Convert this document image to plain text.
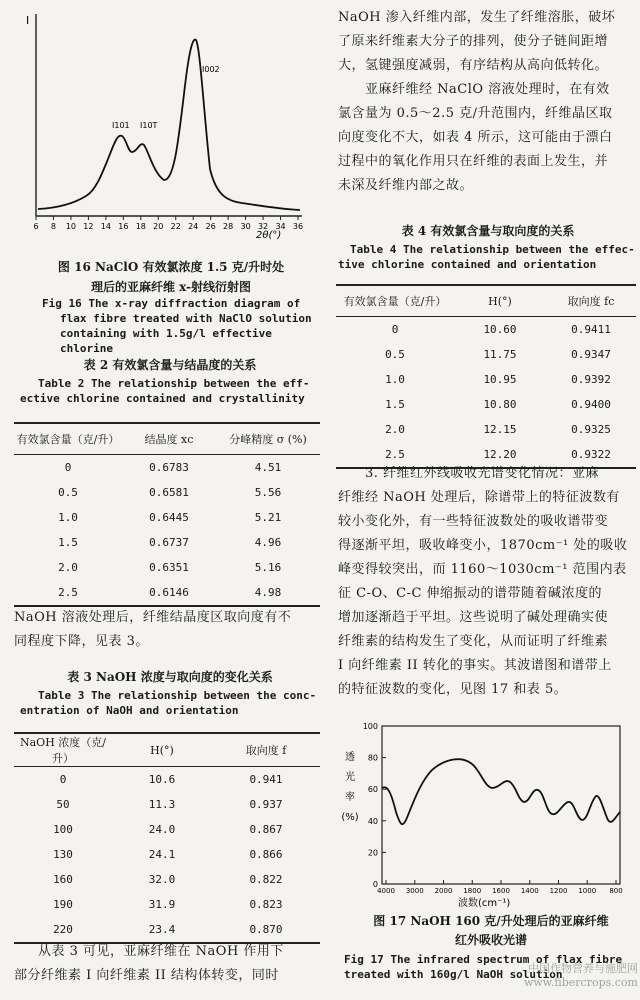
I
I101 I10T
I002
6 8 10 12 14 16 18 20 22 24 26 28 30 32 34 36
2θ(°)
图 16 NaClO 有效氯浓度 1.5 克/升时处
理后的亚麻纤维 x-射线衍射图
Fig 16 The x-ray diffraction diagram of
flax fibre treated with NaClO solution
containing with 1.5g/l effective chlorine
表 2 有效氯含量与结晶度的关系
Table 2 The relationship between the eff-
ective chlorine contained and crystallinity
有效氯含量（克/升）	结晶度 xc	分峰精度 σ (%)
0	0.6783	4.51
0.5	0.6581	5.56
1.0	0.6445	5.21
1.5	0.6737	4.96
2.0	0.6351	5.16
2.5	0.6146	4.98
NaOH 溶液处理后，纤维结晶度区取向度有不
同程度下降，见表 3。
表 3 NaOH 浓度与取向度的变化关系
Table 3 The relationship between the conc-
entration of NaOH and orientation
NaOH 浓度（克/升）	H(°)	取向度 f
0	10.6	0.941
50	11.3	0.937
100	24.0	0.867
130	24.1	0.866
160	32.0	0.822
190	31.9	0.823
220	23.4	0.870
从表 3 可见，亚麻纤维在 NaOH 作用下
部分纤维素 I 向纤维素 II 结构体转变，同时
NaOH 渗入纤维内部，发生了纤维溶胀，破坏
了原来纤维素大分子的排列，使分子链间距增
大，氢键强度减弱，有序结构从高向低转化。
　　亚麻纤维经 NaClO 溶液处理时，在有效
氯含量为 0.5～2.5 克/升范围内，纤维晶区取
向度变化不大，如表 4 所示，这可能由于漂白
过程中的氧化作用只在纤维的表面上发生，并
未深及纤维内部之故。
表 4 有效氯含量与取向度的关系
Table 4 The relationship between the effec-
tive chlorine contained and orientation
有效氯含量（克/升）	H(°)	取向度 fc
0	10.60	0.9411
0.5	11.75	0.9347
1.0	10.95	0.9392
1.5	10.80	0.9400
2.0	12.15	0.9325
2.5	12.20	0.9322
　　3. 纤维红外线吸收光谱变化情况：亚麻
纤维经 NaOH 处理后，除谱带上的特征波数有
较小变化外，有一些特征波数处的吸收谱带变
得逐渐平坦，吸收峰变小，1870cm⁻¹ 处的吸收
峰变得较突出，而 1160～1030cm⁻¹ 范围内表
征 C-O、C-C 伸缩振动的谱带随着碱浓度的
增加逐渐趋于平坦。这些说明了碱处理确实使
纤维素的结构发生了变化，从而证明了纤维素
I 向纤维素 II 转化的事实。其波谱图和谱带上
的特征波数的变化，见图 17 和表 5。
100
80
60
40
20
0
4000 3000 2000 1800 1600 1400 1200 1000 800
透
光
率
(%)
波数(cm⁻¹)
图 17 NaOH 160 克/升处理后的亚麻纤维
红外吸收光谱
Fig 17 The infrared spectrum of flax fibre
treated with 160g/l NaOH solution
中国作物营养与施肥网
www.fibercrops.com
